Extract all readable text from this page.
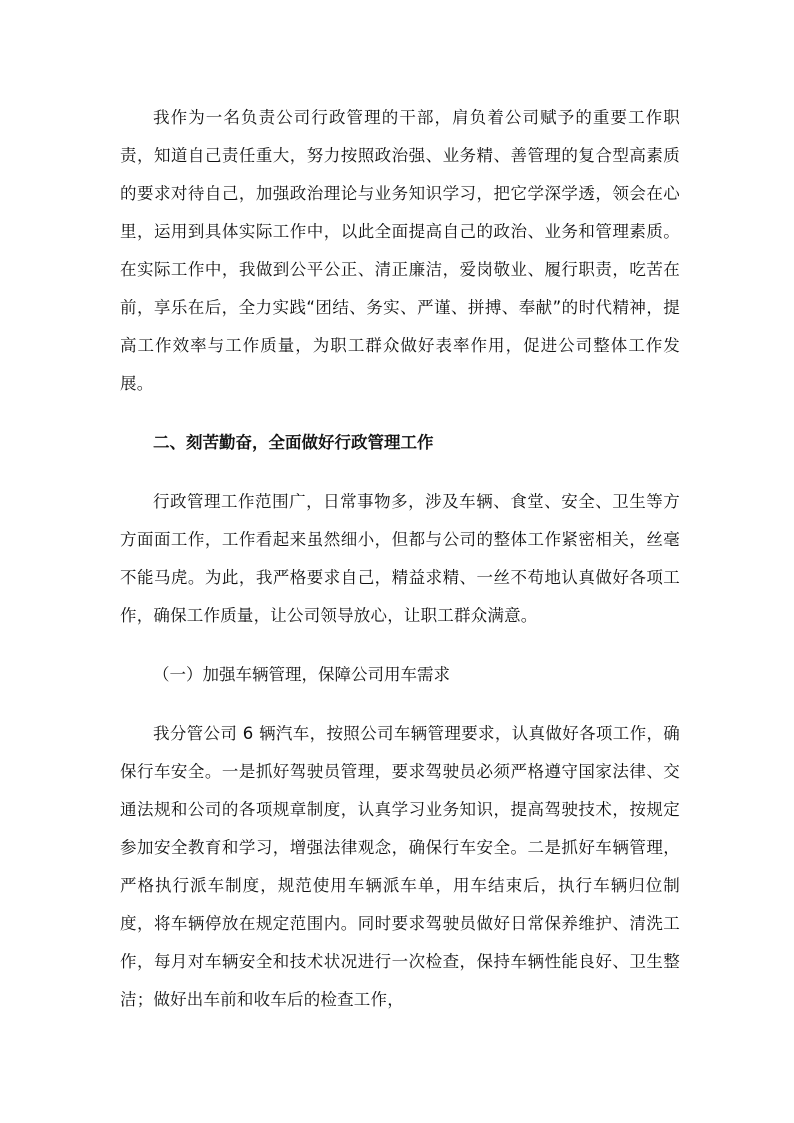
我作为一名负责公司行政管理的干部，肩负着公司赋予的重要工作职责，知道自己责任重大，努力按照政治强、业务精、善管理的复合型高素质的要求对待自己，加强政治理论与业务知识学习，把它学深学透，领会在心里，运用到具体实际工作中，以此全面提高自己的政治、业务和管理素质。在实际工作中，我做到公平公正、清正廉洁，爱岗敬业、履行职责，吃苦在前，享乐在后，全力实践“团结、务实、严谨、拼搏、奉献”的时代精神，提高工作效率与工作质量，为职工群众做好表率作用，促进公司整体工作发展。

二、刻苦勤奋，全面做好行政管理工作

行政管理工作范围广，日常事物多，涉及车辆、食堂、安全、卫生等方方面面工作，工作看起来虽然细小，但都与公司的整体工作紧密相关，丝毫不能马虎。为此，我严格要求自己，精益求精、一丝不苟地认真做好各项工作，确保工作质量，让公司领导放心，让职工群众满意。

（一）加强车辆管理，保障公司用车需求

我分管公司 6 辆汽车，按照公司车辆管理要求，认真做好各项工作，确保行车安全。一是抓好驾驶员管理，要求驾驶员必须严格遵守国家法律、交通法规和公司的各项规章制度，认真学习业务知识，提高驾驶技术，按规定参加安全教育和学习，增强法律观念，确保行车安全。二是抓好车辆管理，严格执行派车制度，规范使用车辆派车单，用车结束后，执行车辆归位制度，将车辆停放在规定范围内。同时要求驾驶员做好日常保养维护、清洗工作，每月对车辆安全和技术状况进行一次检查，保持车辆性能良好、卫生整洁；做好出车前和收车后的检查工作，
